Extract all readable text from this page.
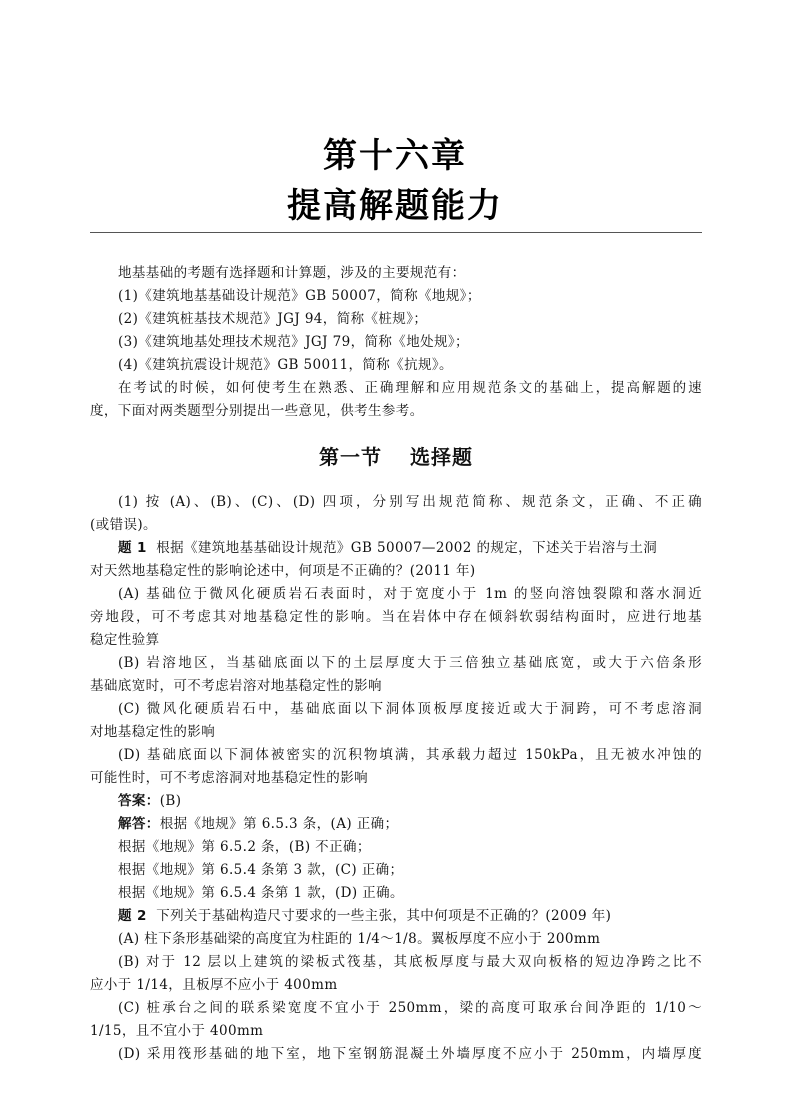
第十六章
提高解题能力

地基基础的考题有选择题和计算题，涉及的主要规范有：

(1)《建筑地基基础设计规范》GB 50007，简称《地规》；

(2)《建筑桩基技术规范》JGJ 94，简称《桩规》；

(3)《建筑地基处理技术规范》JGJ 79，简称《地处规》；

(4)《建筑抗震设计规范》GB 50011，简称《抗规》。

在考试的时候，如何使考生在熟悉、正确理解和应用规范条文的基础上，提高解题的速

度，下面对两类题型分别提出一些意见，供考生参考。

第一节 选择题

(1) 按 (A)、(B)、(C)、(D) 四项，分别写出规范简称、规范条文，正确、不正确

(或错误)。

题 1 根据《建筑地基基础设计规范》GB 50007—2002 的规定，下述关于岩溶与土洞

对天然地基稳定性的影响论述中，何项是不正确的？(2011 年)

(A) 基础位于微风化硬质岩石表面时，对于宽度小于 1m 的竖向溶蚀裂隙和落水洞近

旁地段，可不考虑其对地基稳定性的影响。当在岩体中存在倾斜软弱结构面时，应进行地基

稳定性验算

(B) 岩溶地区，当基础底面以下的土层厚度大于三倍独立基础底宽，或大于六倍条形

基础底宽时，可不考虑岩溶对地基稳定性的影响

(C) 微风化硬质岩石中，基础底面以下洞体顶板厚度接近或大于洞跨，可不考虑溶洞

对地基稳定性的影响

(D) 基础底面以下洞体被密实的沉积物填满，其承载力超过 150kPa，且无被水冲蚀的

可能性时，可不考虑溶洞对地基稳定性的影响

答案：(B)

解答：根据《地规》第 6.5.3 条，(A) 正确；

根据《地规》第 6.5.2 条，(B) 不正确；

根据《地规》第 6.5.4 条第 3 款，(C) 正确；

根据《地规》第 6.5.4 条第 1 款，(D) 正确。

题 2 下列关于基础构造尺寸要求的一些主张，其中何项是不正确的？(2009 年)

(A) 柱下条形基础梁的高度宜为柱距的 1/4～1/8。翼板厚度不应小于 200mm

(B) 对于 12 层以上建筑的梁板式筏基，其底板厚度与最大双向板格的短边净跨之比不

应小于 1/14，且板厚不应小于 400mm

(C) 桩承台之间的联系梁宽度不宜小于 250mm，梁的高度可取承台间净距的 1/10～

1/15，且不宜小于 400mm

(D) 采用筏形基础的地下室，地下室钢筋混凝土外墙厚度不应小于 250mm，内墙厚度
